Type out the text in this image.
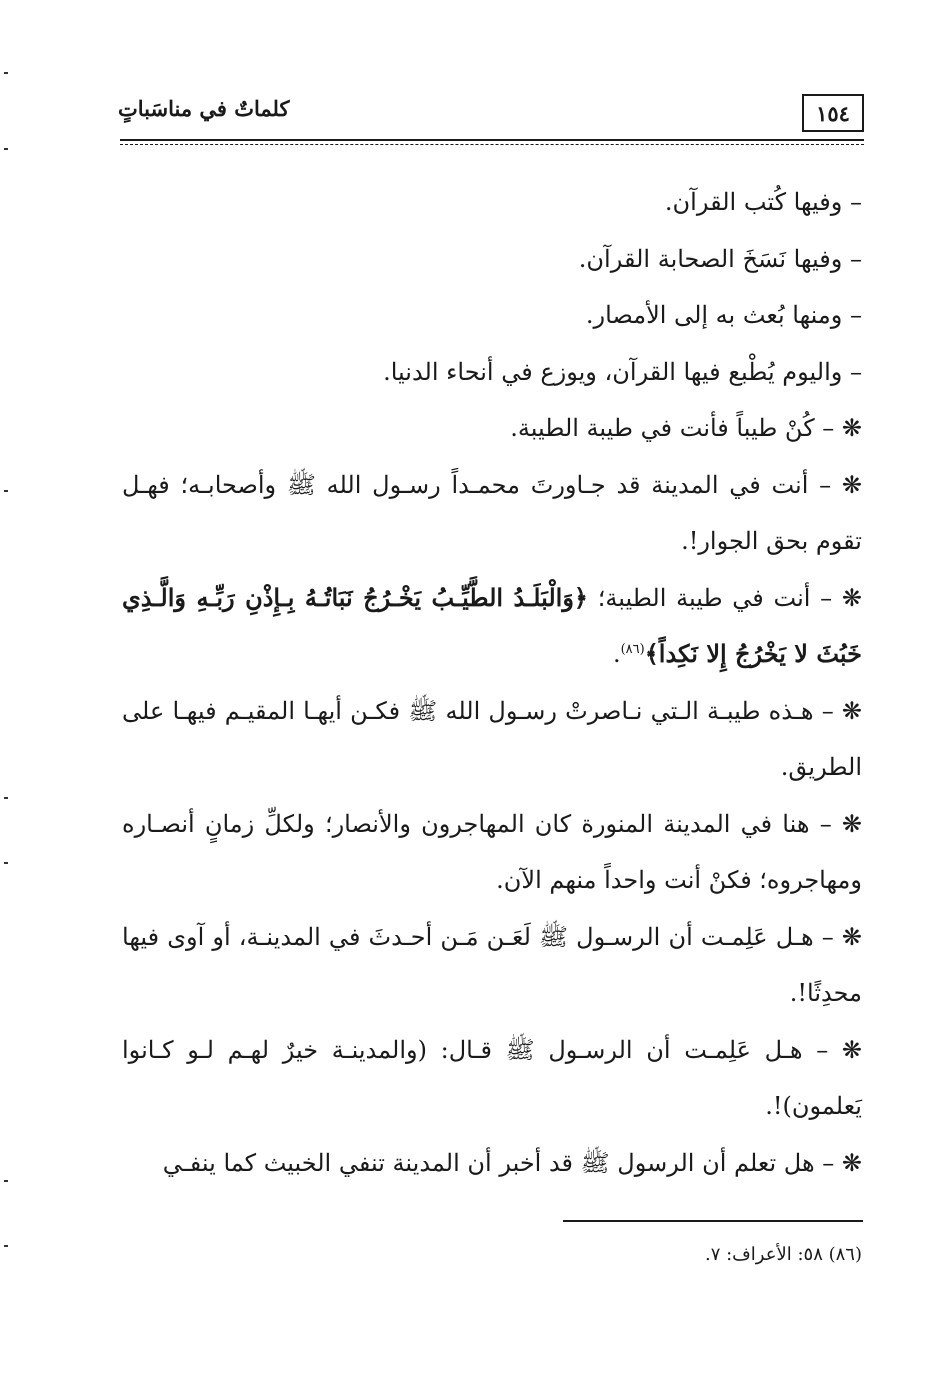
١٥٤
كلماتٌ في مناسَباتٍ

– وفيها كُتب القرآن.

– وفيها نَسَخَ الصحابة القرآن.

– ومنها بُعث به إلى الأمصار.

– واليوم يُطْبع فيها القرآن، ويوزع في أنحاء الدنيا.

❋ – كُنْ طيباً فأنت في طيبة الطيبة.

❋ – أنت في المدينة قد جـاورتَ محمـداً رسـول الله ﷺ وأصحابـه؛ فهـل تقوم بحق الجوار!.

❋ – أنت في طيبة الطيبة؛ ﴿وَالْبَلَـدُ الطَّيِّـبُ يَخْـرُجُ نَبَاتُـهُ بِـإِذْنِ رَبِّـهِ وَالَّـذِي خَبُثَ لا يَخْرُجُ إِلا نَكِداً﴾$^{(٨٦)}$.

❋ – هـذه طيبـة الـتي نـاصرتْ رسـول الله ﷺ فكـن أيهـا المقيـم فيهـا على الطريق.

❋ – هنا في المدينة المنورة كان المهاجرون والأنصار؛ ولكلِّ زمانٍ أنصـاره ومهاجروه؛ فكنْ أنت واحداً منهم الآن.

❋ – هـل عَلِمـت أن الرسـول ﷺ لَعَـن مَـن أحـدثَ في المدينـة، أو آوى فيها محدِثًا!.

❋ – هـل عَلِمـت أن الرسـول ﷺ قـال: (والمدينـة خيرٌ لهـم لـو كـانوا يَعلمون)!.

❋ – هل تعلم أن الرسول ﷺ قد أخبر أن المدينة تنفي الخبيث كما ينفـي

(٨٦) ٥٨: الأعراف: ٧.
